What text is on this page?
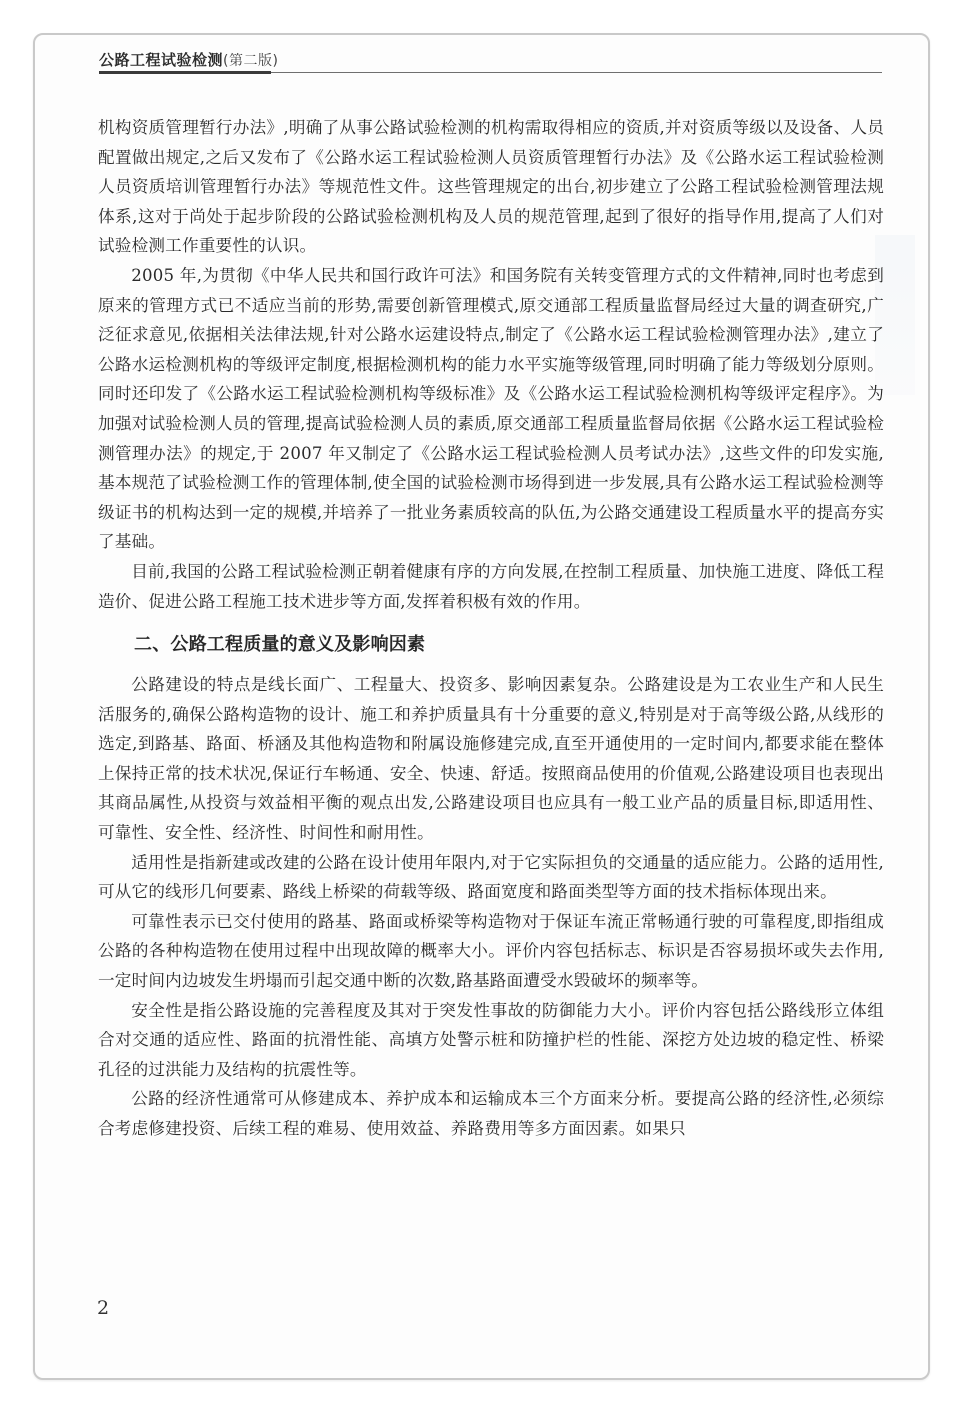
公路工程试验检测(第二版)

机构资质管理暂行办法》,明确了从事公路试验检测的机构需取得相应的资质,并对资质等级以及设备、人员配置做出规定,之后又发布了《公路水运工程试验检测人员资质管理暂行办法》及《公路水运工程试验检测人员资质培训管理暂行办法》等规范性文件。这些管理规定的出台,初步建立了公路工程试验检测管理法规体系,这对于尚处于起步阶段的公路试验检测机构及人员的规范管理,起到了很好的指导作用,提高了人们对试验检测工作重要性的认识。

2005 年,为贯彻《中华人民共和国行政许可法》和国务院有关转变管理方式的文件精神,同时也考虑到原来的管理方式已不适应当前的形势,需要创新管理模式,原交通部工程质量监督局经过大量的调查研究,广泛征求意见,依据相关法律法规,针对公路水运建设特点,制定了《公路水运工程试验检测管理办法》,建立了公路水运检测机构的等级评定制度,根据检测机构的能力水平实施等级管理,同时明确了能力等级划分原则。同时还印发了《公路水运工程试验检测机构等级标准》及《公路水运工程试验检测机构等级评定程序》。为加强对试验检测人员的管理,提高试验检测人员的素质,原交通部工程质量监督局依据《公路水运工程试验检测管理办法》的规定,于 2007 年又制定了《公路水运工程试验检测人员考试办法》,这些文件的印发实施,基本规范了试验检测工作的管理体制,使全国的试验检测市场得到进一步发展,具有公路水运工程试验检测等级证书的机构达到一定的规模,并培养了一批业务素质较高的队伍,为公路交通建设工程质量水平的提高夯实了基础。

目前,我国的公路工程试验检测正朝着健康有序的方向发展,在控制工程质量、加快施工进度、降低工程造价、促进公路工程施工技术进步等方面,发挥着积极有效的作用。

二、公路工程质量的意义及影响因素

公路建设的特点是线长面广、工程量大、投资多、影响因素复杂。公路建设是为工农业生产和人民生活服务的,确保公路构造物的设计、施工和养护质量具有十分重要的意义,特别是对于高等级公路,从线形的选定,到路基、路面、桥涵及其他构造物和附属设施修建完成,直至开通使用的一定时间内,都要求能在整体上保持正常的技术状况,保证行车畅通、安全、快速、舒适。按照商品使用的价值观,公路建设项目也表现出其商品属性,从投资与效益相平衡的观点出发,公路建设项目也应具有一般工业产品的质量目标,即适用性、可靠性、安全性、经济性、时间性和耐用性。

适用性是指新建或改建的公路在设计使用年限内,对于它实际担负的交通量的适应能力。公路的适用性,可从它的线形几何要素、路线上桥梁的荷载等级、路面宽度和路面类型等方面的技术指标体现出来。

可靠性表示已交付使用的路基、路面或桥梁等构造物对于保证车流正常畅通行驶的可靠程度,即指组成公路的各种构造物在使用过程中出现故障的概率大小。评价内容包括标志、标识是否容易损坏或失去作用,一定时间内边坡发生坍塌而引起交通中断的次数,路基路面遭受水毁破坏的频率等。

安全性是指公路设施的完善程度及其对于突发性事故的防御能力大小。评价内容包括公路线形立体组合对交通的适应性、路面的抗滑性能、高填方处警示桩和防撞护栏的性能、深挖方处边坡的稳定性、桥梁孔径的过洪能力及结构的抗震性等。

公路的经济性通常可从修建成本、养护成本和运输成本三个方面来分析。要提高公路的经济性,必须综合考虑修建投资、后续工程的难易、使用效益、养路费用等多方面因素。如果只

2
